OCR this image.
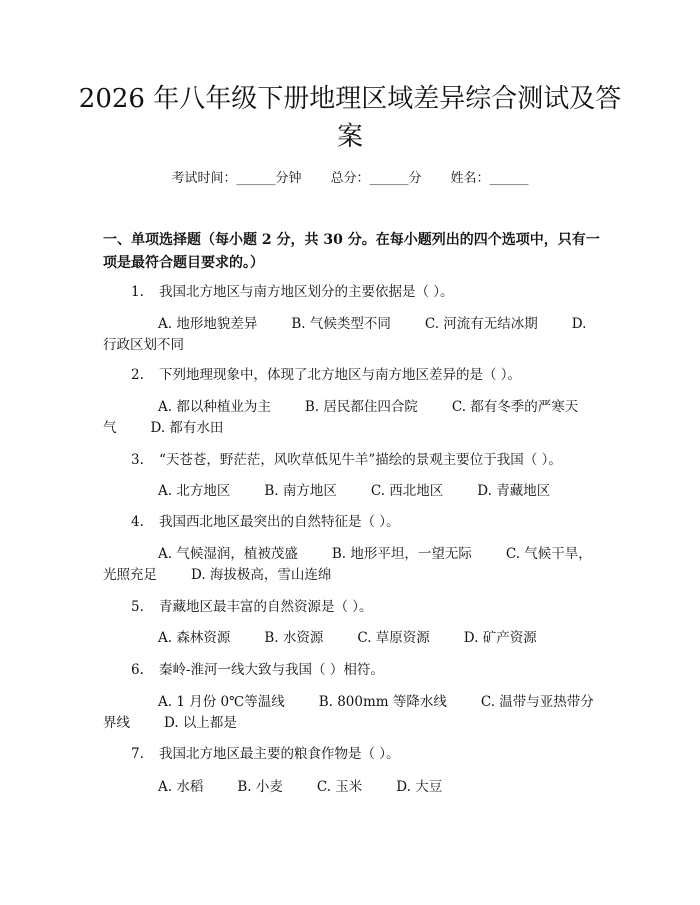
2026 年八年级下册地理区域差异综合测试及答案
考试时间：______分钟 总分：______分 姓名：______

一、单项选择题（每小题 2 分，共 30 分。在每小题列出的四个选项中，只有一项是最符合题目要求的。）

1. 我国北方地区与南方地区划分的主要依据是（ ）。
A. 地形地貌差异	B. 气候类型不同	C. 河流有无结冰期	D. 行政区划不同
2. 下列地理现象中，体现了北方地区与南方地区差异的是（ ）。
A. 都以种植业为主	B. 居民都住四合院	C. 都有冬季的严寒天气	D. 都有水田
3. “天苍苍，野茫茫，风吹草低见牛羊”描绘的景观主要位于我国（ ）。
A. 北方地区	B. 南方地区	C. 西北地区	D. 青藏地区
4. 我国西北地区最突出的自然特征是（ ）。
A. 气候湿润，植被茂盛	B. 地形平坦，一望无际	C. 气候干旱，光照充足	D. 海拔极高，雪山连绵
5. 青藏地区最丰富的自然资源是（ ）。
A. 森林资源	B. 水资源	C. 草原资源	D. 矿产资源
6. 秦岭-淮河一线大致与我国（ ）相符。
A. 1 月份 0℃等温线	B. 800mm 等降水线	C. 温带与亚热带分界线	D. 以上都是
7. 我国北方地区最主要的粮食作物是（ ）。
A. 水稻	B. 小麦	C. 玉米	D. 大豆
